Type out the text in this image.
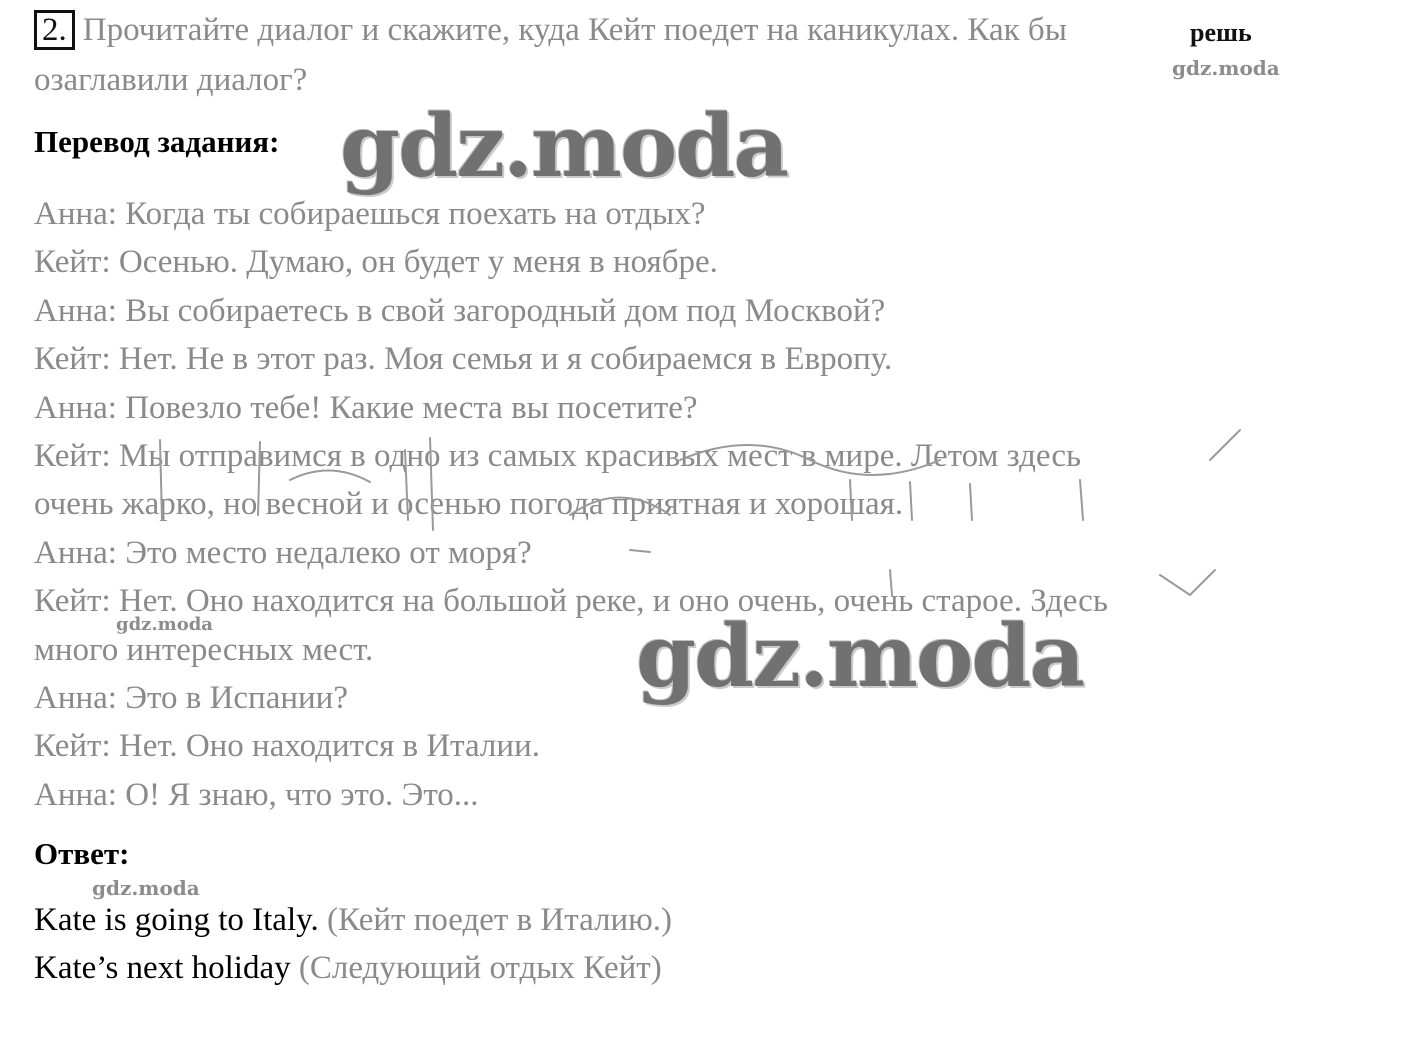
2. Прочитайте диалог и скажите, куда Кейт поедет на каникулах. Как бы
озаглавили диалог?
решь
Перевод задания:
Анна: Когда ты собираешься поехать на отдых?
Кейт: Осенью. Думаю, он будет у меня в ноябре.
Анна: Вы собираетесь в свой загородный дом под Москвой?
Кейт: Нет. Не в этот раз. Моя семья и я собираемся в Европу.
Анна: Повезло тебе! Какие места вы посетите?
Кейт: Мы отправимся в одно из самых красивых мест в мире. Летом здесь
очень жарко, но весной и осенью погода приятная и хорошая.
Анна: Это место недалеко от моря?
Кейт: Нет. Оно находится на большой реке, и оно очень, очень старое. Здесь
много интересных мест.
Анна: Это в Испании?
Кейт: Нет. Оно находится в Италии.
Анна: О! Я знаю, что это. Это...
Ответ:
Kate is going to Italy. (Кейт поедет в Италию.)
Kate’s next holiday (Следующий отдых Кейт)
gdz.moda
gdz.moda
gdz.moda
gdz.moda
gdz.moda
